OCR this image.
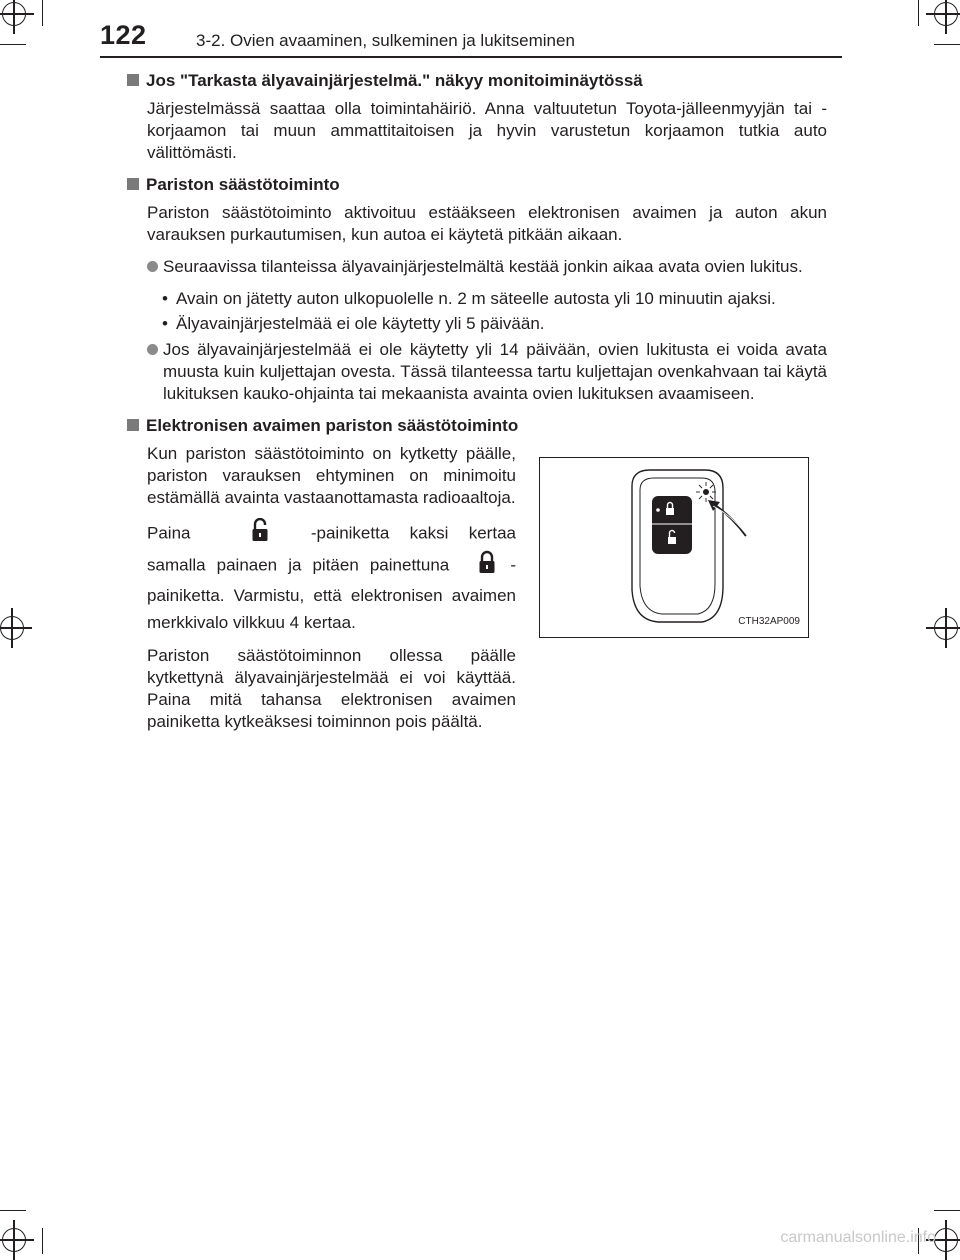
122	3-2. Ovien avaaminen, sulkeminen ja lukitseminen
Jos "Tarkasta älyavainjärjestelmä." näkyy monitoiminäytössä

Järjestelmässä saattaa olla toimintahäiriö. Anna valtuutetun Toyota-jälleenmyyjän tai -korjaamon tai muun ammattitaitoisen ja hyvin varustetun korjaamon tutkia auto välittömästi.

Pariston säästötoiminto

Pariston säästötoiminto aktivoituu estääkseen elektronisen avaimen ja auton akun varauksen purkautumisen, kun autoa ei käytetä pitkään aikaan.

Seuraavissa tilanteissa älyavainjärjestelmältä kestää jonkin aikaa avata ovien lukitus.
• Avain on jätetty auton ulkopuolelle n. 2 m säteelle autosta yli 10 minuutin ajaksi.
• Älyavainjärjestelmää ei ole käytetty yli 5 päivään.
Jos älyavainjärjestelmää ei ole käytetty yli 14 päivään, ovien lukitusta ei voida avata muusta kuin kuljettajan ovesta. Tässä tilanteessa tartu kuljettajan ovenkahvaan tai käytä lukituksen kauko-ohjainta tai mekaanista avainta ovien lukituksen avaamiseen.
Elektronisen avaimen pariston säästötoiminto

Kun pariston säästötoiminto on kytketty päälle, pariston varauksen ehtyminen on minimoitu estämällä avainta vastaanottamasta radioaaltoja.

Paina	-painiketta kaksi kertaa samalla painaen ja pitäen painettuna	-painiketta. Varmistu, että elektronisen avaimen merkkivalo vilkkuu 4 kertaa.

Pariston säästötoiminnon ollessa päälle kytkettynä älyavainjärjestelmää ei voi käyttää. Paina mitä tahansa elektronisen avaimen painiketta kytkeäksesi toiminnon pois päältä.

CTH32AP009
carmanualsonline.info
